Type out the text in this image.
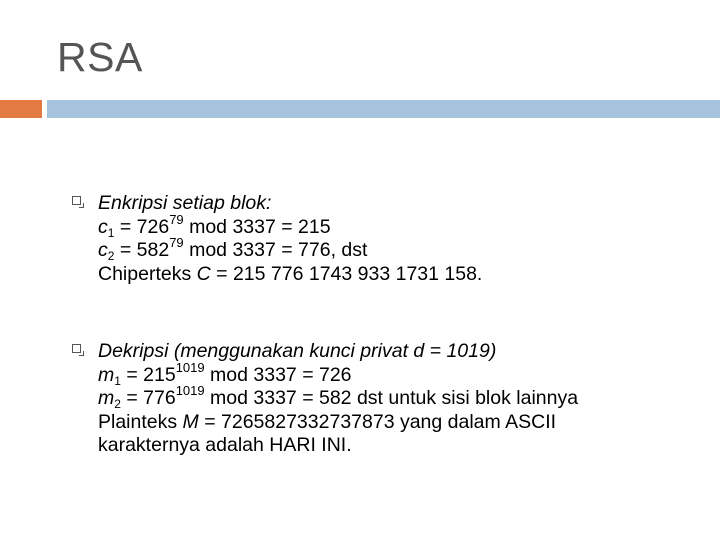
RSA
Enkripsi setiap blok:
$c_1 = 726^{79}$ mod 3337 = 215
$c_2 = 582^{79}$ mod 3337 = 776, dst
Chiperteks C = 215 776 1743 933 1731 158.
Dekripsi (menggunakan kunci privat d = 1019)
$m_1 = 215^{1019}$ mod 3337 = 726
$m_2 = 776^{1019}$ mod 3337 = 582 dst untuk sisi blok lainnya
Plainteks M = 7265827332737873 yang dalam ASCII
karakternya adalah HARI INI.
